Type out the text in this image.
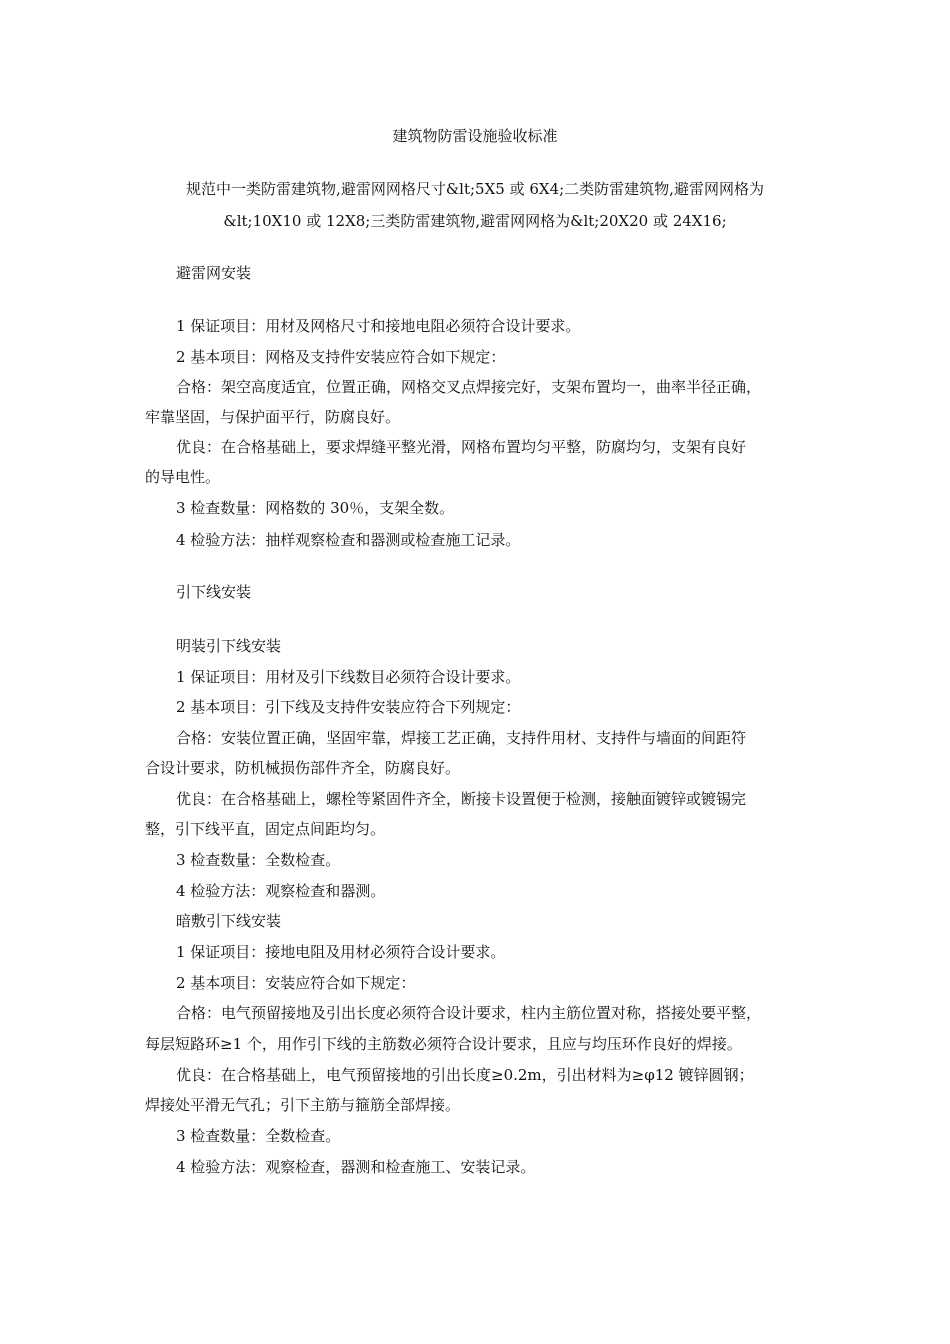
建筑物防雷设施验收标准
规范中一类防雷建筑物,避雷网网格尺寸&lt;5X5 或 6X4;二类防雷建筑物,避雷网网格为
&lt;10X10 或 12X8;三类防雷建筑物,避雷网网格为&lt;20X20 或 24X16;
避雷网安装
1 保证项目：用材及网格尺寸和接地电阻必须符合设计要求。
2 基本项目：网格及支持件安装应符合如下规定：
合格：架空高度适宜，位置正确，网格交叉点焊接完好，支架布置均一，曲率半径正确，
牢靠坚固，与保护面平行，防腐良好。
优良：在合格基础上，要求焊缝平整光滑，网格布置均匀平整，防腐均匀，支架有良好
的导电性。
3 检查数量：网格数的 30％，支架全数。
4 检验方法：抽样观察检查和器测或检查施工记录。
引下线安装
明装引下线安装
1 保证项目：用材及引下线数目必须符合设计要求。
2 基本项目：引下线及支持件安装应符合下列规定：
合格：安装位置正确，坚固牢靠，焊接工艺正确，支持件用材、支持件与墙面的间距符
合设计要求，防机械损伤部件齐全，防腐良好。
优良：在合格基础上，螺栓等紧固件齐全，断接卡设置便于检测，接触面镀锌或镀锡完
整，引下线平直，固定点间距均匀。
3 检查数量：全数检查。
4 检验方法：观察检查和器测。
暗敷引下线安装
1 保证项目：接地电阻及用材必须符合设计要求。
2 基本项目：安装应符合如下规定：
合格：电气预留接地及引出长度必须符合设计要求，柱内主筋位置对称，搭接处要平整，
每层短路环≥1 个，用作引下线的主筋数必须符合设计要求，且应与均压环作良好的焊接。
优良：在合格基础上，电气预留接地的引出长度≥0.2m，引出材料为≥φ12 镀锌圆钢；
焊接处平滑无气孔；引下主筋与箍筋全部焊接。
3 检查数量：全数检查。
4 检验方法：观察检查，器测和检查施工、安装记录。
